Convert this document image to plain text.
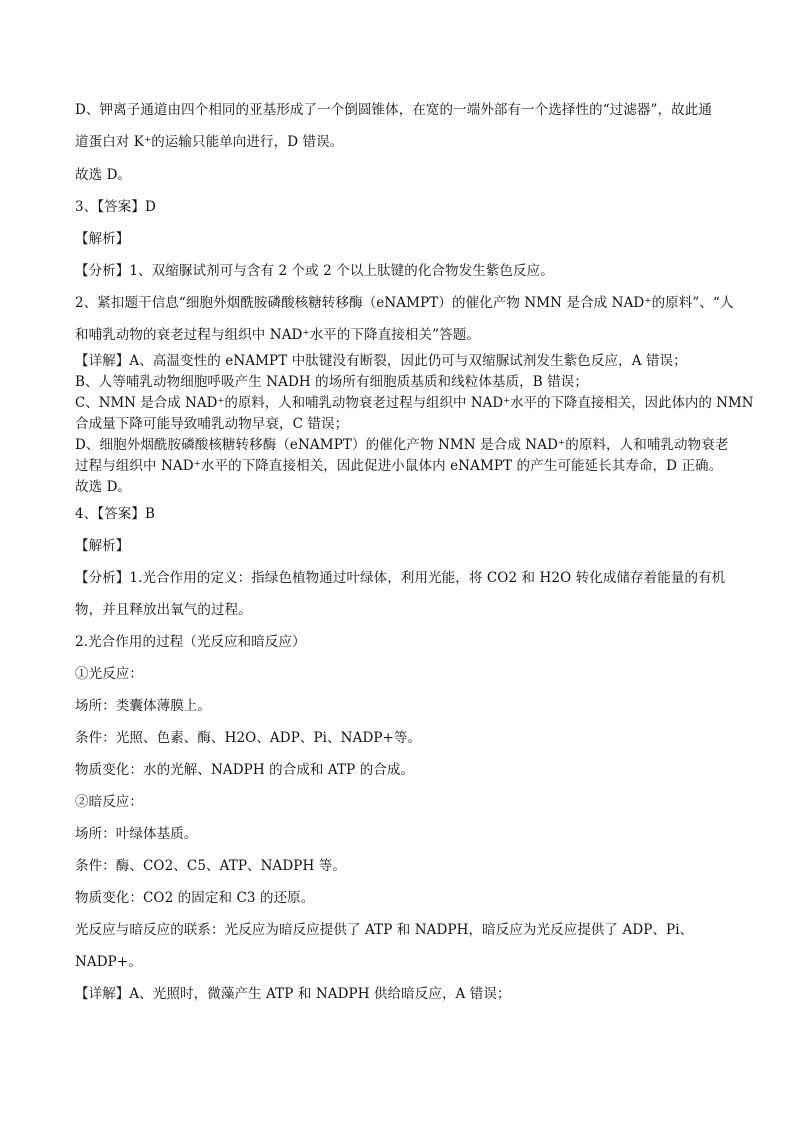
D、钾离子通道由四个相同的亚基形成了一个倒圆锥体，在宽的一端外部有一个选择性的“过滤器”，故此通
道蛋白对 K⁺的运输只能单向进行，D 错误。
故选 D。
3、【答案】D
【解析】
【分析】1、双缩脲试剂可与含有 2 个或 2 个以上肽键的化合物发生紫色反应。
2、紧扣题干信息“细胞外烟酰胺磷酸核糖转移酶（eNAMPT）的催化产物 NMN 是合成 NAD⁺的原料”、“人
和哺乳动物的衰老过程与组织中 NAD⁺水平的下降直接相关”答题。
【详解】A、高温变性的 eNAMPT 中肽键没有断裂，因此仍可与双缩脲试剂发生紫色反应，A 错误；
B、人等哺乳动物细胞呼吸产生 NADH 的场所有细胞质基质和线粒体基质，B 错误；
C、NMN 是合成 NAD⁺的原料，人和哺乳动物衰老过程与组织中 NAD⁺水平的下降直接相关，因此体内的 NMN
合成量下降可能导致哺乳动物早衰，C 错误；
D、细胞外烟酰胺磷酸核糖转移酶（eNAMPT）的催化产物 NMN 是合成 NAD⁺的原料，人和哺乳动物衰老
过程与组织中 NAD⁺水平的下降直接相关，因此促进小鼠体内 eNAMPT 的产生可能延长其寿命，D 正确。
故选 D。
4、【答案】B
【解析】
【分析】1.光合作用的定义：指绿色植物通过叶绿体，利用光能，将 CO2 和 H2O 转化成储存着能量的有机
物，并且释放出氧气的过程。
2.光合作用的过程（光反应和暗反应）
①光反应：
场所：类囊体薄膜上。
条件：光照、色素、酶、H2O、ADP、Pi、NADP+等。
物质变化：水的光解、NADPH 的合成和 ATP 的合成。
②暗反应：
场所：叶绿体基质。
条件：酶、CO2、C5、ATP、NADPH 等。
物质变化：CO2 的固定和 C3 的还原。
光反应与暗反应的联系：光反应为暗反应提供了 ATP 和 NADPH，暗反应为光反应提供了 ADP、Pi、
NADP+。
【详解】A、光照时，微藻产生 ATP 和 NADPH 供给暗反应，A 错误；
